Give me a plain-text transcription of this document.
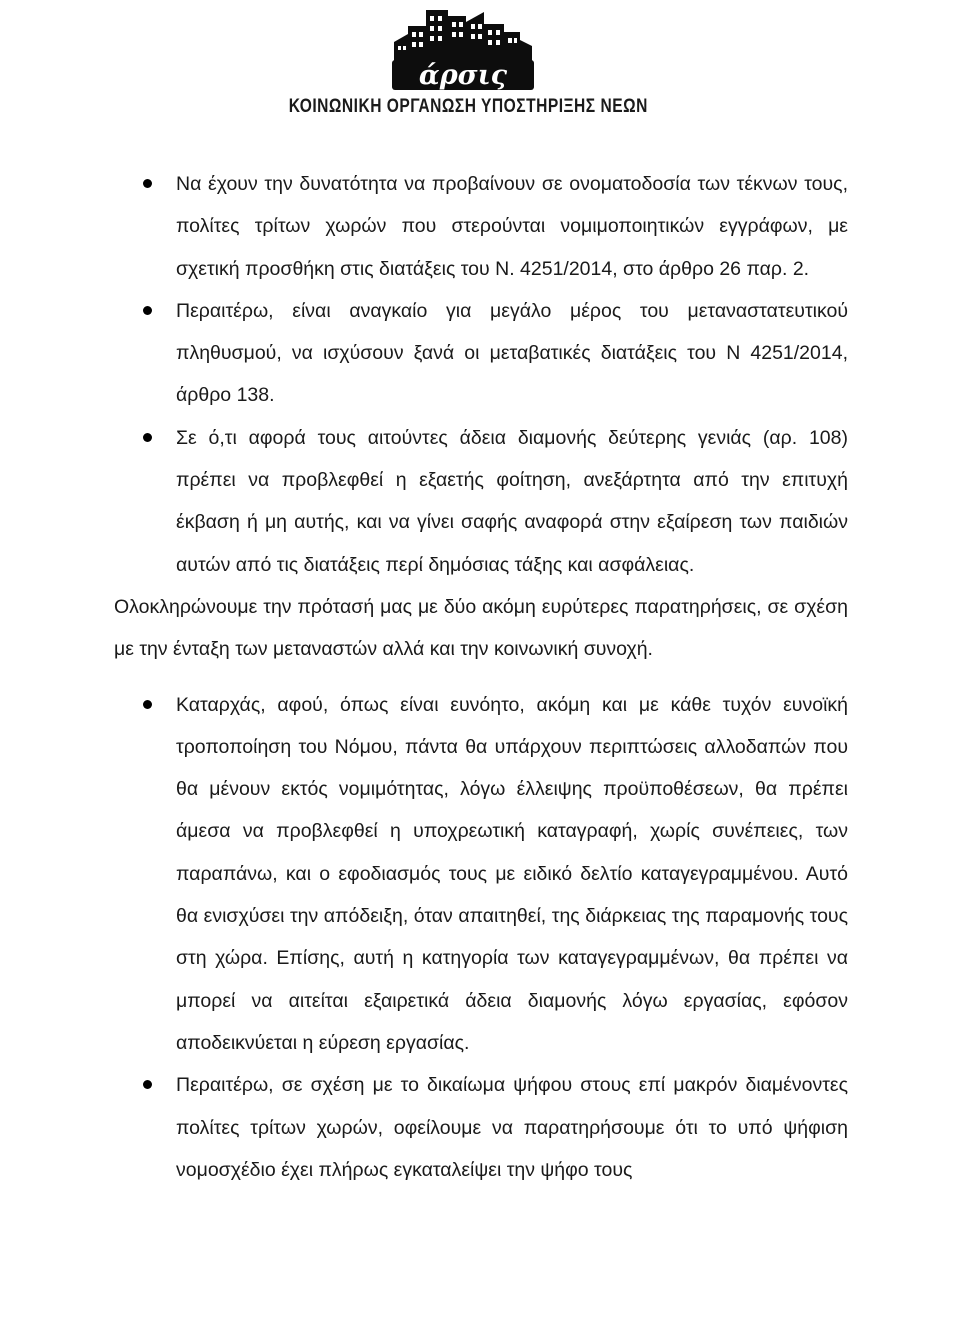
άρσις
ΚΟΙΝΩΝΙΚΗ ΟΡΓΑΝΩΣΗ ΥΠΟΣΤΗΡΙΞΗΣ ΝΕΩΝ
Να έχουν την δυνατότητα να προβαίνουν σε ονοματοδοσία των τέκνων τους, πολίτες τρίτων χωρών που στερούνται νομιμοποιητικών εγγράφων, με σχετική προσθήκη στις διατάξεις του Ν. 4251/2014, στο άρθρο 26 παρ. 2.
Περαιτέρω, είναι αναγκαίο για μεγάλο μέρος του μεταναστατευτικού πληθυσμού, να ισχύσουν ξανά οι μεταβατικές διατάξεις του Ν 4251/2014, άρθρο 138.
Σε ό,τι αφορά τους αιτούντες άδεια διαμονής δεύτερης γενιάς (αρ. 108) πρέπει να προβλεφθεί η εξαετής φοίτηση, ανεξάρτητα από την επιτυχή έκβαση ή μη αυτής, και να γίνει σαφής αναφορά στην εξαίρεση των παιδιών αυτών από τις διατάξεις περί δημόσιας τάξης και ασφάλειας.

Ολοκληρώνουμε την πρότασή μας με δύο ακόμη ευρύτερες παρατηρήσεις, σε σχέση με την ένταξη των μεταναστών αλλά και την κοινωνική συνοχή.

Καταρχάς, αφού, όπως είναι ευνόητο, ακόμη και με κάθε τυχόν ευνοϊκή τροποποίηση του Νόμου, πάντα θα υπάρχουν περιπτώσεις αλλοδαπών που θα μένουν εκτός νομιμότητας, λόγω έλλειψης προϋποθέσεων, θα πρέπει άμεσα να προβλεφθεί η υποχρεωτική καταγραφή, χωρίς συνέπειες, των παραπάνω, και ο εφοδιασμός τους με ειδικό δελτίο καταγεγραμμένου. Αυτό θα ενισχύσει την απόδειξη, όταν απαιτηθεί, της διάρκειας της παραμονής τους στη χώρα. Επίσης, αυτή η κατηγορία των καταγεγραμμένων, θα πρέπει να μπορεί να αιτείται εξαιρετικά άδεια διαμονής λόγω εργασίας, εφόσον αποδεικνύεται η εύρεση εργασίας.
Περαιτέρω, σε σχέση με το δικαίωμα ψήφου στους επί μακρόν διαμένοντες πολίτες τρίτων χωρών, οφείλουμε να παρατηρήσουμε ότι το υπό ψήφιση νομοσχέδιο έχει πλήρως εγκαταλείψει την ψήφο τους
